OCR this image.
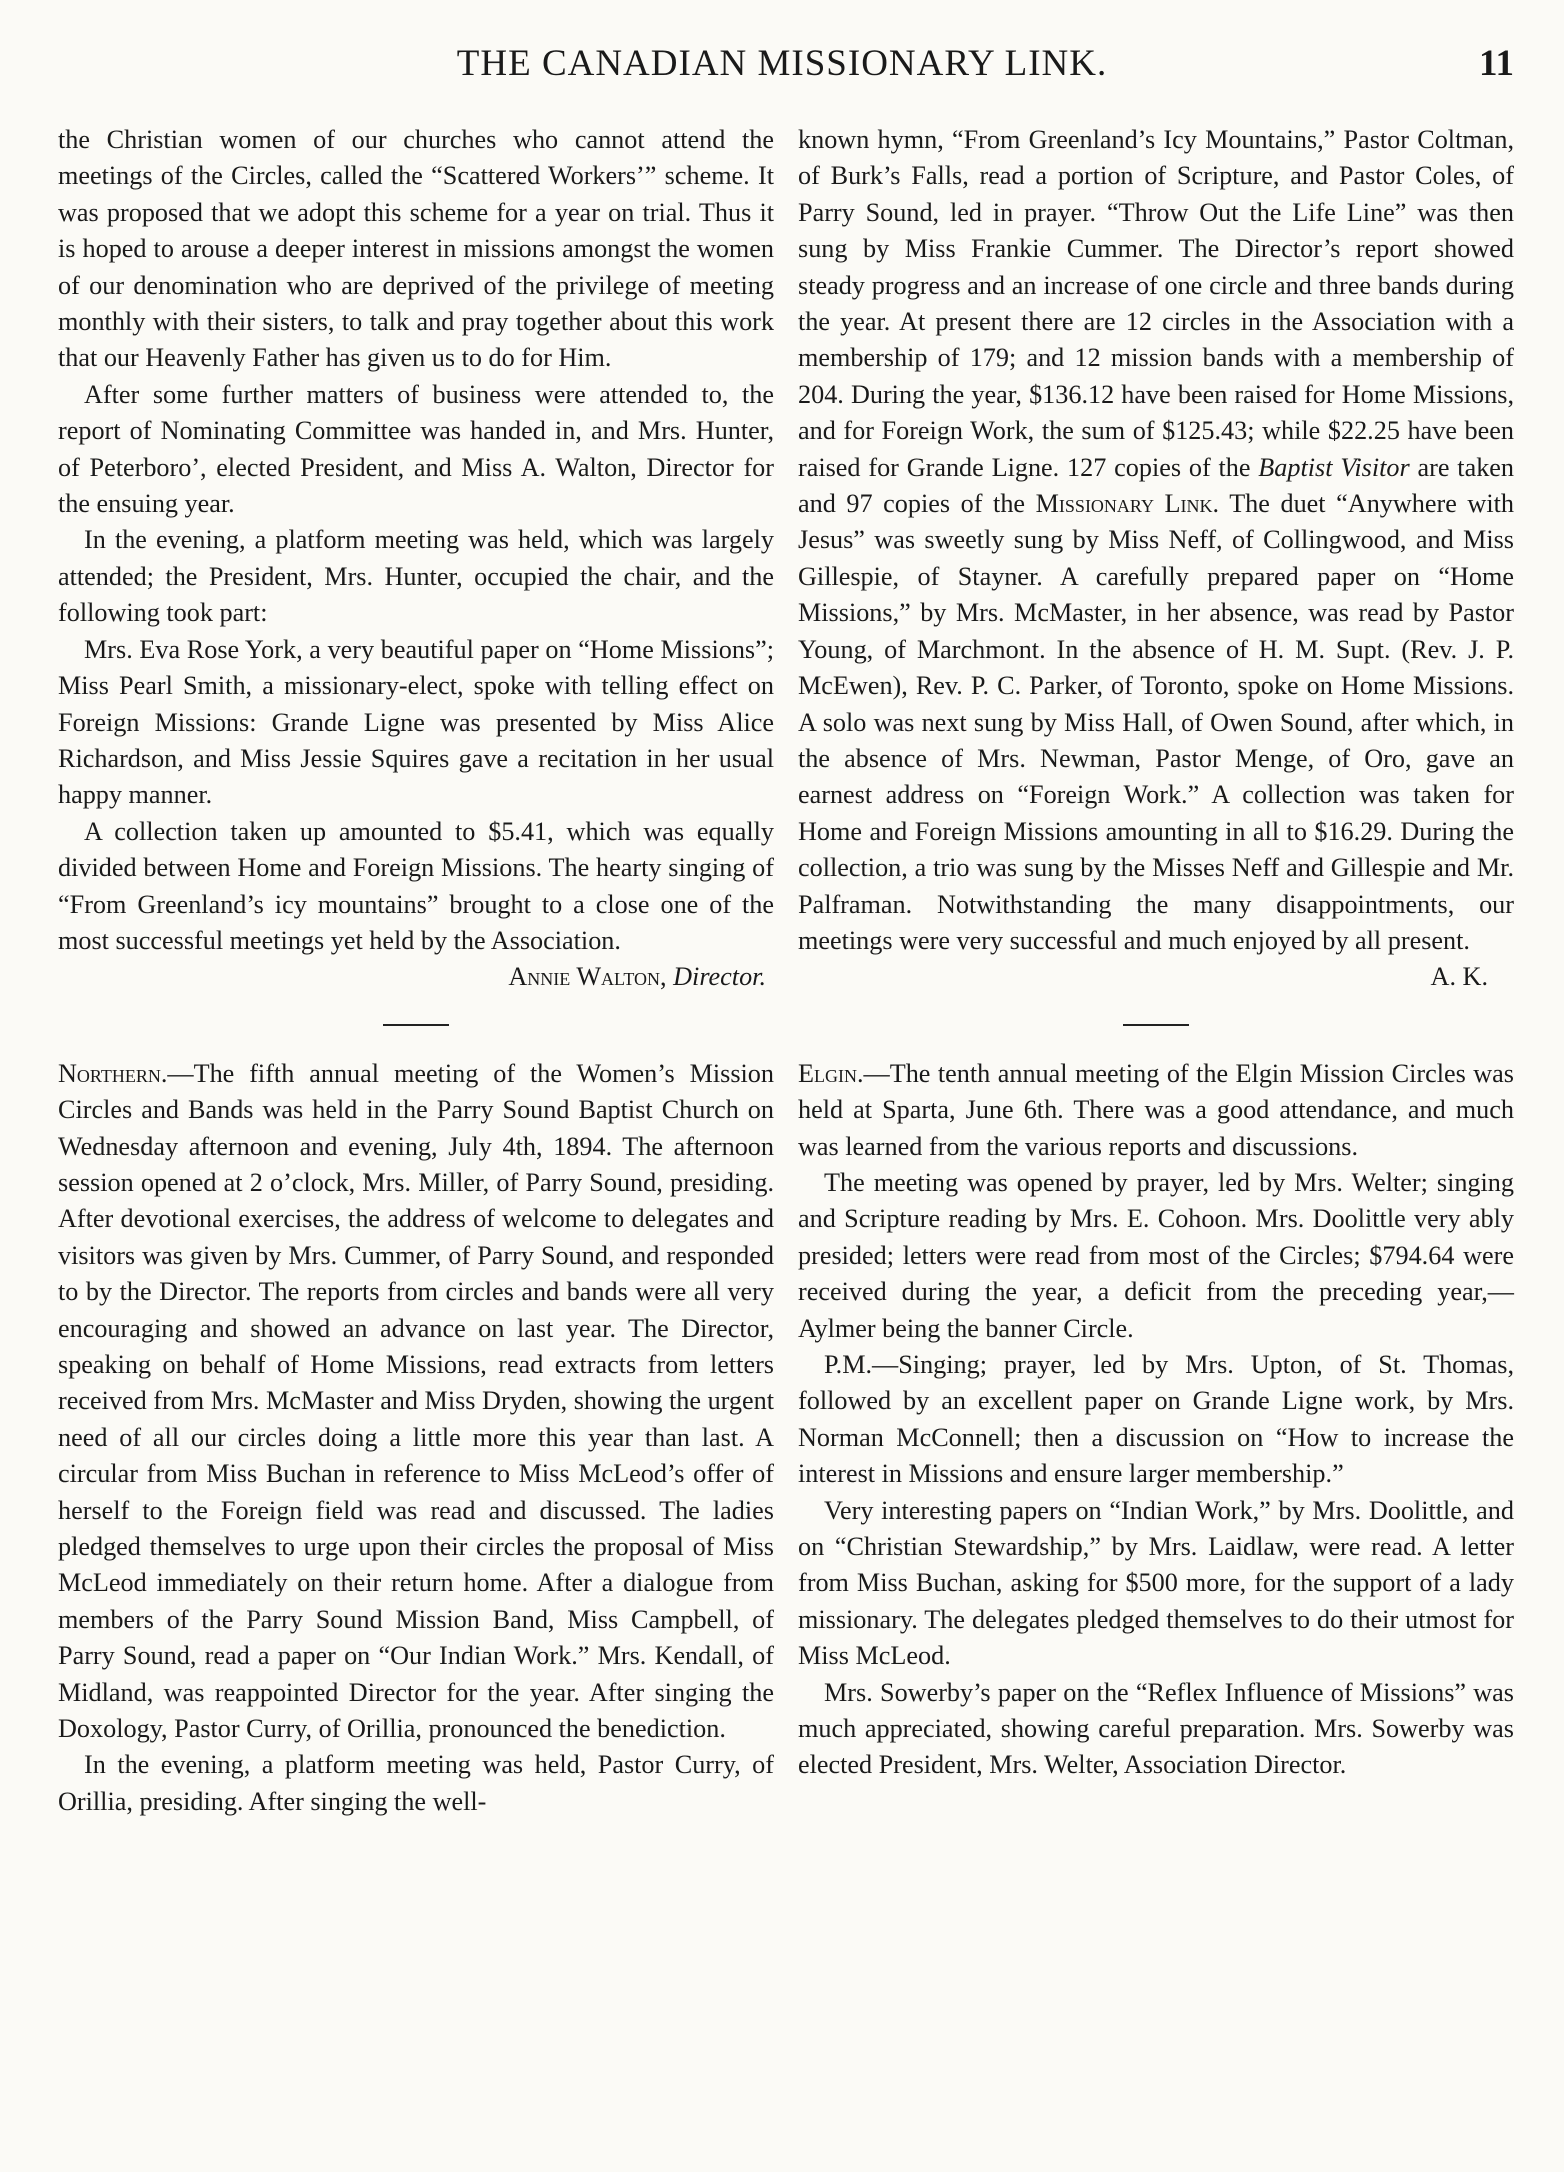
THE CANADIAN MISSIONARY LINK.	11

the Christian women of our churches who cannot attend the meetings of the Circles, called the “Scattered Workers’” scheme. It was proposed that we adopt this scheme for a year on trial. Thus it is hoped to arouse a deeper interest in missions amongst the women of our denomination who are deprived of the privilege of meeting monthly with their sisters, to talk and pray together about this work that our Heavenly Father has given us to do for Him.

After some further matters of business were attended to, the report of Nominating Committee was handed in, and Mrs. Hunter, of Peterboro’, elected President, and Miss A. Walton, Director for the ensuing year.

In the evening, a platform meeting was held, which was largely attended; the President, Mrs. Hunter, occupied the chair, and the following took part:

Mrs. Eva Rose York, a very beautiful paper on “Home Missions”; Miss Pearl Smith, a missionary-elect, spoke with telling effect on Foreign Missions: Grande Ligne was presented by Miss Alice Richardson, and Miss Jessie Squires gave a recitation in her usual happy manner.

A collection taken up amounted to $5.41, which was equally divided between Home and Foreign Missions. The hearty singing of “From Greenland’s icy mountains” brought to a close one of the most successful meetings yet held by the Association.

Annie Walton, Director.

Northern.—The fifth annual meeting of the Women’s Mission Circles and Bands was held in the Parry Sound Baptist Church on Wednesday afternoon and evening, July 4th, 1894. The afternoon session opened at 2 o’clock, Mrs. Miller, of Parry Sound, presiding. After devotional exercises, the address of welcome to delegates and visitors was given by Mrs. Cummer, of Parry Sound, and responded to by the Director. The reports from circles and bands were all very encouraging and showed an advance on last year. The Director, speaking on behalf of Home Missions, read extracts from letters received from Mrs. McMaster and Miss Dryden, showing the urgent need of all our circles doing a little more this year than last. A circular from Miss Buchan in reference to Miss McLeod’s offer of herself to the Foreign field was read and discussed. The ladies pledged themselves to urge upon their circles the proposal of Miss McLeod immediately on their return home. After a dialogue from members of the Parry Sound Mission Band, Miss Campbell, of Parry Sound, read a paper on “Our Indian Work.” Mrs. Kendall, of Midland, was reappointed Director for the year. After singing the Doxology, Pastor Curry, of Orillia, pronounced the benediction.

In the evening, a platform meeting was held, Pastor Curry, of Orillia, presiding. After singing the well-

known hymn, “From Greenland’s Icy Mountains,” Pastor Coltman, of Burk’s Falls, read a portion of Scripture, and Pastor Coles, of Parry Sound, led in prayer. “Throw Out the Life Line” was then sung by Miss Frankie Cummer. The Director’s report showed steady progress and an increase of one circle and three bands during the year. At present there are 12 circles in the Association with a membership of 179; and 12 mission bands with a membership of 204. During the year, $136.12 have been raised for Home Missions, and for Foreign Work, the sum of $125.43; while $22.25 have been raised for Grande Ligne. 127 copies of the Baptist Visitor are taken and 97 copies of the Missionary Link. The duet “Anywhere with Jesus” was sweetly sung by Miss Neff, of Collingwood, and Miss Gillespie, of Stayner. A carefully prepared paper on “Home Missions,” by Mrs. McMaster, in her absence, was read by Pastor Young, of Marchmont. In the absence of H. M. Supt. (Rev. J. P. McEwen), Rev. P. C. Parker, of Toronto, spoke on Home Missions. A solo was next sung by Miss Hall, of Owen Sound, after which, in the absence of Mrs. Newman, Pastor Menge, of Oro, gave an earnest address on “Foreign Work.” A collection was taken for Home and Foreign Missions amounting in all to $16.29. During the collection, a trio was sung by the Misses Neff and Gillespie and Mr. Palframan. Notwithstanding the many disappointments, our meetings were very successful and much enjoyed by all present.

A. K.

Elgin.—The tenth annual meeting of the Elgin Mission Circles was held at Sparta, June 6th. There was a good attendance, and much was learned from the various reports and discussions.

The meeting was opened by prayer, led by Mrs. Welter; singing and Scripture reading by Mrs. E. Cohoon. Mrs. Doolittle very ably presided; letters were read from most of the Circles; $794.64 were received during the year, a deficit from the preceding year,—Aylmer being the banner Circle.

P.M.—Singing; prayer, led by Mrs. Upton, of St. Thomas, followed by an excellent paper on Grande Ligne work, by Mrs. Norman McConnell; then a discussion on “How to increase the interest in Missions and ensure larger membership.”

Very interesting papers on “Indian Work,” by Mrs. Doolittle, and on “Christian Stewardship,” by Mrs. Laidlaw, were read. A letter from Miss Buchan, asking for $500 more, for the support of a lady missionary. The delegates pledged themselves to do their utmost for Miss McLeod.

Mrs. Sowerby’s paper on the “Reflex Influence of Missions” was much appreciated, showing careful preparation. Mrs. Sowerby was elected President, Mrs. Welter, Association Director.
